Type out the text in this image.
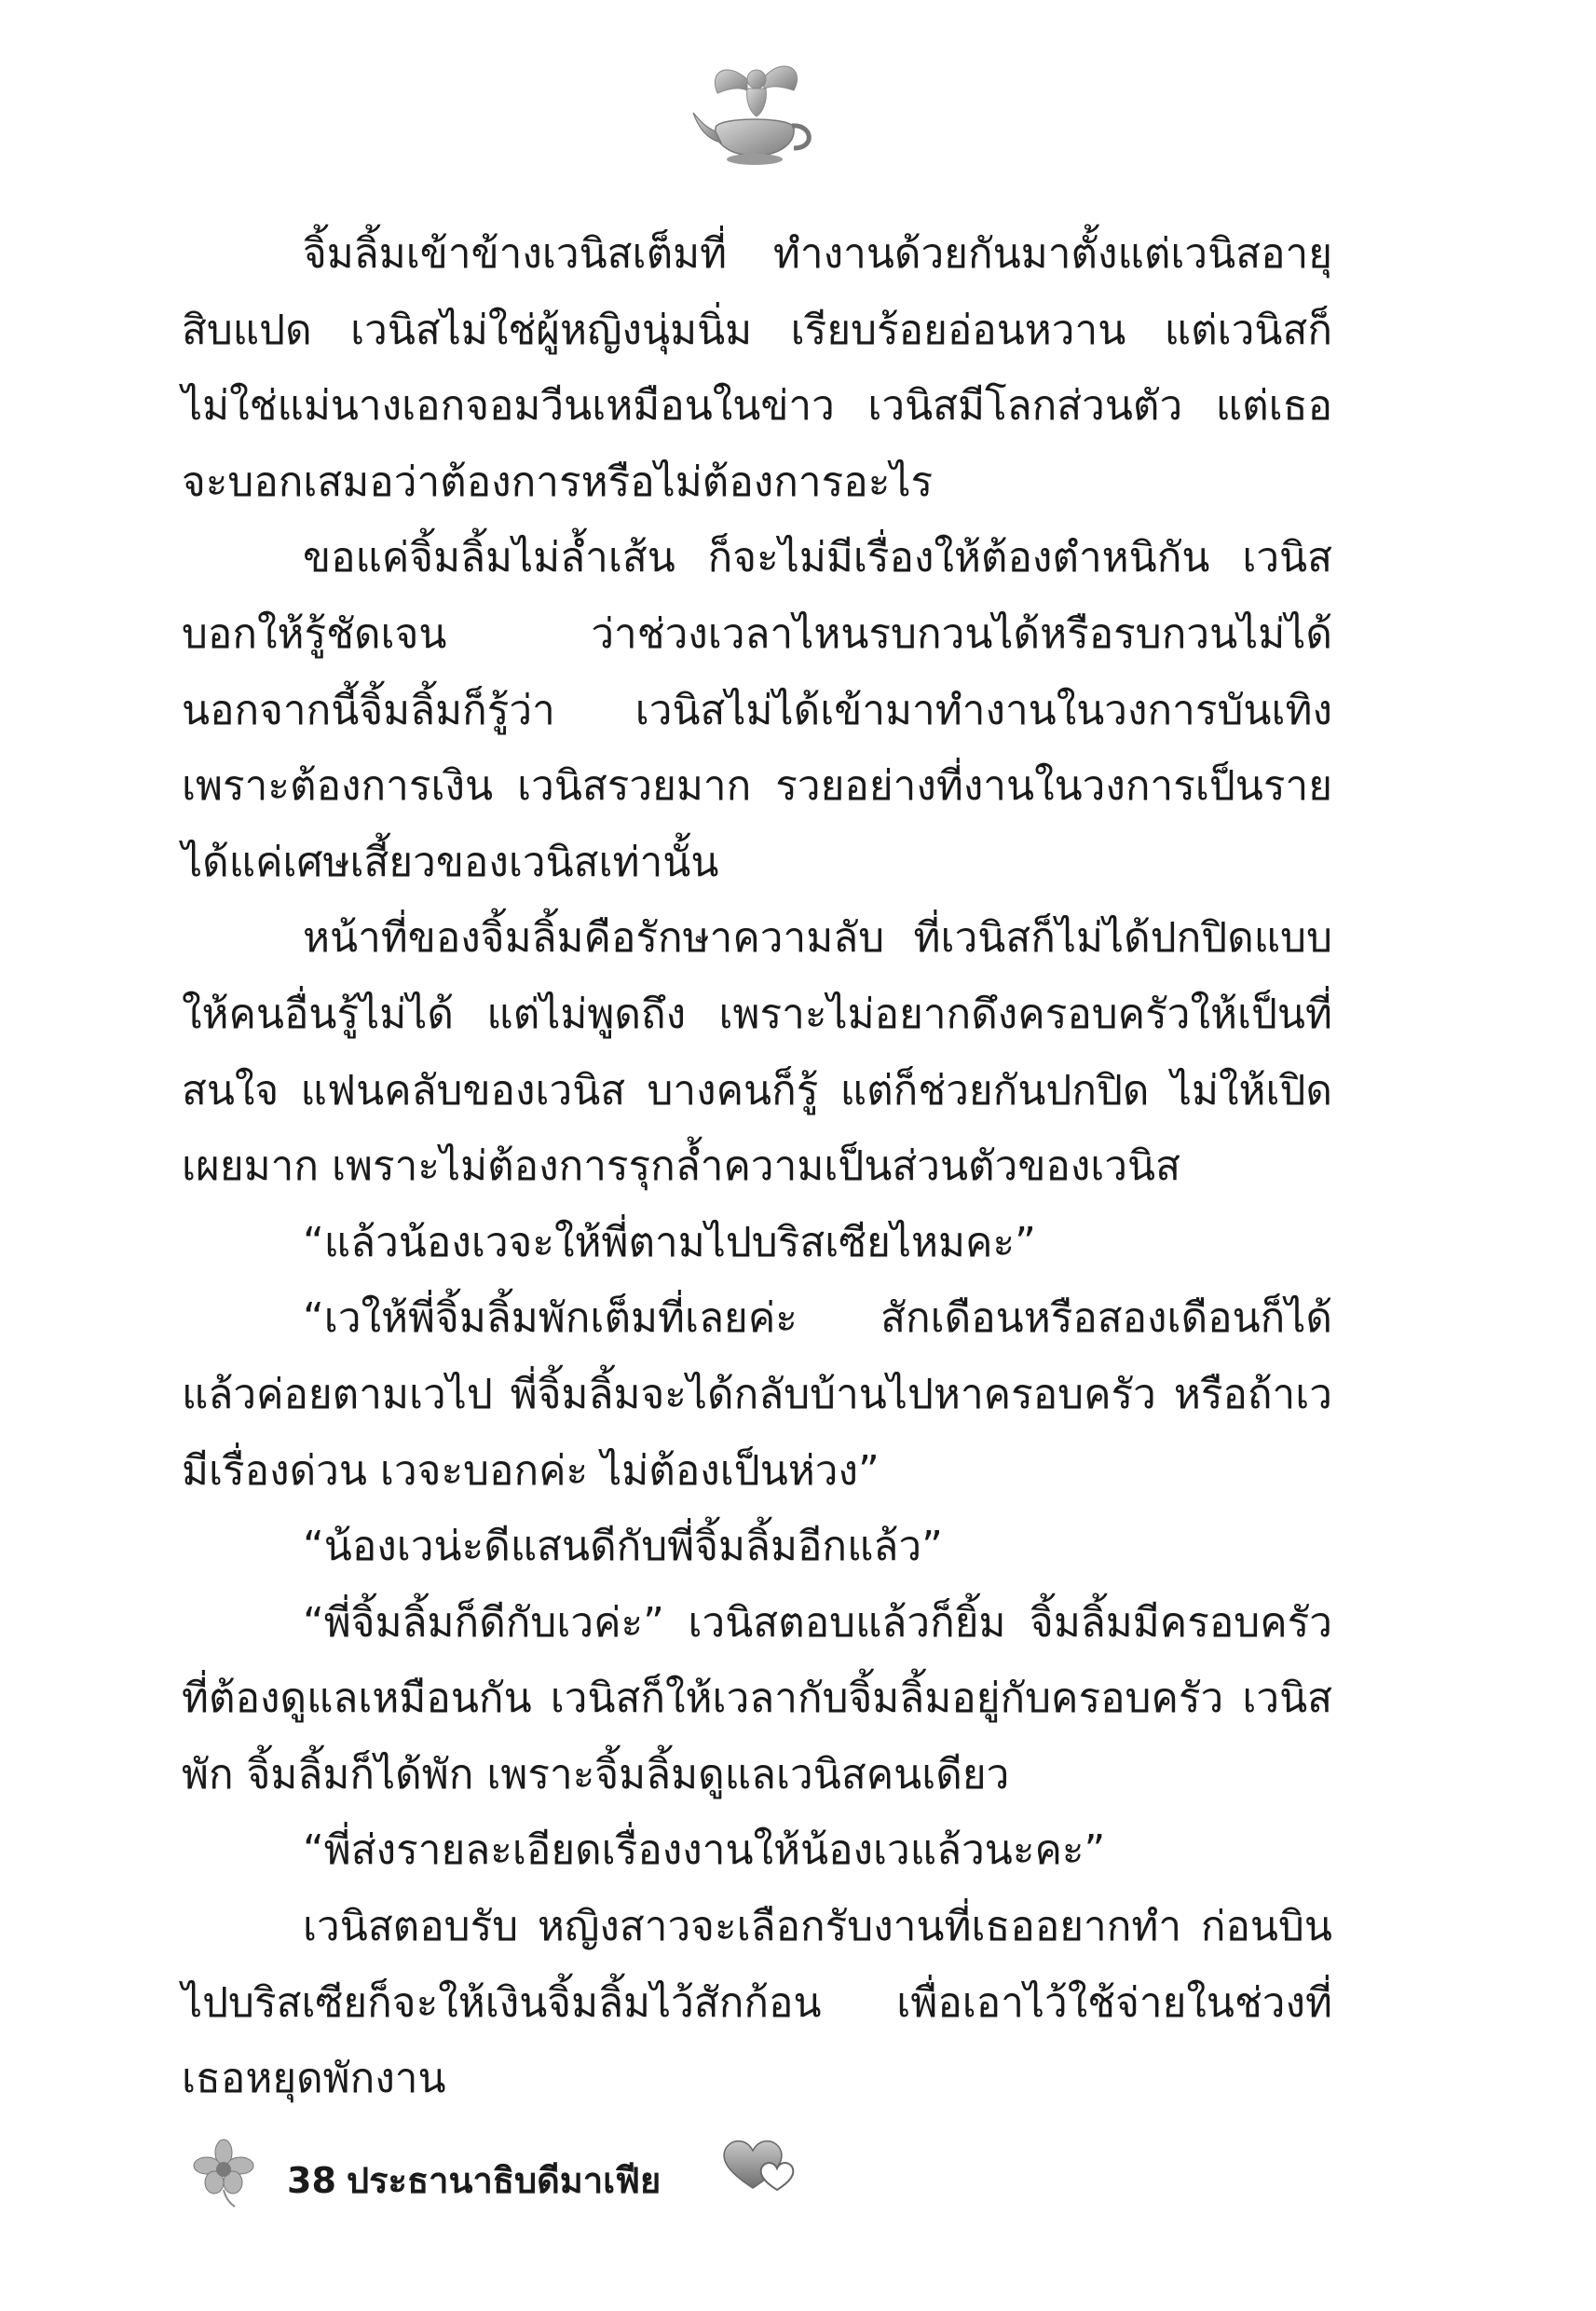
จิ้มลิ้มเข้าข้างเวนิสเต็มที่ ทำงานด้วยกันมาตั้งแต่เวนิสอายุสิบแปด เวนิสไม่ใช่ผู้หญิงนุ่มนิ่ม เรียบร้อยอ่อนหวาน แต่เวนิสก็ไม่ใช่แม่นางเอกจอมวีนเหมือนในข่าว เวนิสมีโลกส่วนตัว แต่เธอจะบอกเสมอว่าต้องการหรือไม่ต้องการอะไร

ขอแค่จิ้มลิ้มไม่ล้ำเส้น ก็จะไม่มีเรื่องให้ต้องตำหนิกัน เวนิสบอกให้รู้ชัดเจน ว่าช่วงเวลาไหนรบกวนได้หรือรบกวนไม่ได้ นอกจากนี้จิ้มลิ้มก็รู้ว่า เวนิสไม่ได้เข้ามาทำงานในวงการบันเทิงเพราะต้องการเงิน เวนิสรวยมาก รวยอย่างที่งานในวงการเป็นรายได้แค่เศษเสี้ยวของเวนิสเท่านั้น

หน้าที่ของจิ้มลิ้มคือรักษาความลับ ที่เวนิสก็ไม่ได้ปกปิดแบบให้คนอื่นรู้ไม่ได้ แต่ไม่พูดถึง เพราะไม่อยากดึงครอบครัวให้เป็นที่สนใจ แฟนคลับของเวนิส บางคนก็รู้ แต่ก็ช่วยกันปกปิด ไม่ให้เปิดเผยมาก เพราะไม่ต้องการรุกล้ำความเป็นส่วนตัวของเวนิส

“แล้วน้องเวจะให้พี่ตามไปบริสเซียไหมคะ”

“เวให้พี่จิ้มลิ้มพักเต็มที่เลยค่ะ สักเดือนหรือสองเดือนก็ได้ แล้วค่อยตามเวไป พี่จิ้มลิ้มจะได้กลับบ้านไปหาครอบครัว หรือถ้าเวมีเรื่องด่วน เวจะบอกค่ะ ไม่ต้องเป็นห่วง”

“น้องเวน่ะดีแสนดีกับพี่จิ้มลิ้มอีกแล้ว”

“พี่จิ้มลิ้มก็ดีกับเวค่ะ” เวนิสตอบแล้วก็ยิ้ม จิ้มลิ้มมีครอบครัวที่ต้องดูแลเหมือนกัน เวนิสก็ให้เวลากับจิ้มลิ้มอยู่กับครอบครัว เวนิสพัก จิ้มลิ้มก็ได้พัก เพราะจิ้มลิ้มดูแลเวนิสคนเดียว

“พี่ส่งรายละเอียดเรื่องงานให้น้องเวแล้วนะคะ”

เวนิสตอบรับ หญิงสาวจะเลือกรับงานที่เธออยากทำ ก่อนบินไปบริสเซียก็จะให้เงินจิ้มลิ้มไว้สักก้อน เพื่อเอาไว้ใช้จ่ายในช่วงที่เธอหยุดพักงาน

38 ประธานาธิบดีมาเฟีย
